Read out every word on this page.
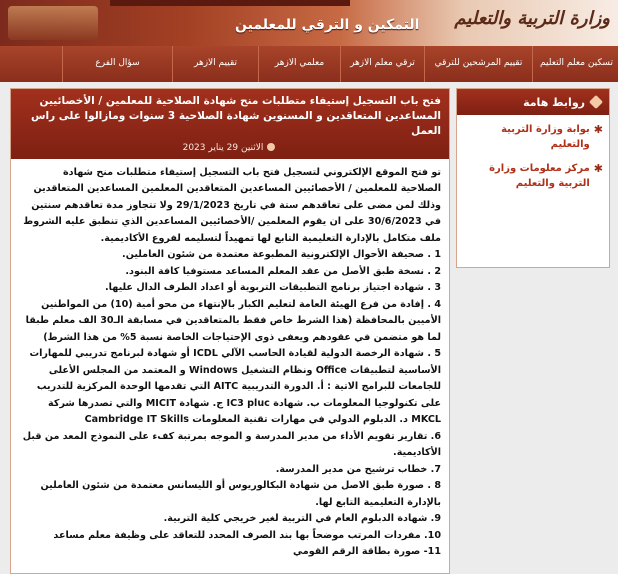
التمكين و الترقي للمعلمين وزارة التربية والتعليم
تسكين معلم التعليم
تقييم المرشحين للترقي
ترقي معلم الازهر
معلمي الازهر
تقييم الازهر
سؤال الفرع
روابط هامة
✱
بوابة وزارة التربية والتعليم
✱
مركز معلومات وزارة التربية والتعليم
فتح باب التسجيل إستيفاء متطلبات منح شهادة الصلاحية للمعلمين / الأخصائيين المساعدين المتعاقدين و المسنوين شهادة الصلاحية 3 سنوات ومازالوا على راس العمل
الاثنين 29 يناير 2023

تو فتح الموقع الإلكتروني لتسجيل فتح باب التسجيل إستيفاء متطلبات منح شهادة الصلاحية للمعلمين / الأخصائيين المساعدين المتعاقدين المعلمين المساعدين المتعاقدين وذلك لمن مضى على تعاقدهم ستة في تاريخ 29/1/2023 ولا تتجاوز مدة تعاقدهم سنتين في 30/6/2023 على ان يقوم المعلمين /الأخصائيين المساعدين الذي تنطبق عليه الشروط ملف متكامل بالإدارة التعليمية التابع لها تمهيداً لتسليمه لفروع الأكاديمية.

1 . صحيفة الأحوال الإلكترونية المطبوعة معتمدة من شئون العاملين.

2 . نسخة طبق الأصل من عقد المعلم المساعد مستوفيا كافة البنود.

3 . شهادة اجتياز برنامج التطبيقات التربوية أو اعداد الطرف الدال عليها.

4 . إفادة من فرع الهيئة العامة لتعليم الكبار بالإنتهاء من محو أمية (10) من المواطنين الأميين بالمحافظة (هذا الشرط خاص فقط بالمتعاقدين في مسابقة الـ30 الف معلم طبقا لما هو متضمن في عقودهم ويعفى ذوى الإحتياجات الخاصة نسبة 5% من هذا الشرط)

5 . شهادة الرخصة الدولية لقيادة الحاسب الآلي ICDL أو شهادة لبرنامج تدريبي للمهارات الأساسية لتطبيقات Office ونظام التشغيل Windows و المعتمد من المجلس الأعلى للجامعات للبرامج الاتية : أ. الدورة التدريبية AITC التي تقدمها الوحدة المركزية للتدريب على تكنولوجيا المعلومات ب. شهادة IC3 pluc ج. شهادة MICIT والتي تصدرها شركة MKCL د. الدبلوم الدولي في مهارات تقنية المعلومات Cambridge IT Skills

6. تقارير تقويم الأداء من مدير المدرسة و الموجه بمرتبة كفء على النموذج المعد من قبل الأكاديمية.

7. خطاب ترشيح من مدير المدرسة.

8 . صورة طبق الاصل من شهادة البكالوريوس أو الليسانس معتمدة من شئون العاملين بالإدارة التعليمية التابع لها.

9. شهادة الدبلوم العام في التربية لغير خريجي كلية التربية.

10. مفردات المرتب موضحاً بها بند الصرف المحدد للتعاقد على وظيفة معلم مساعد

11- صورة بطاقة الرقم القومي
